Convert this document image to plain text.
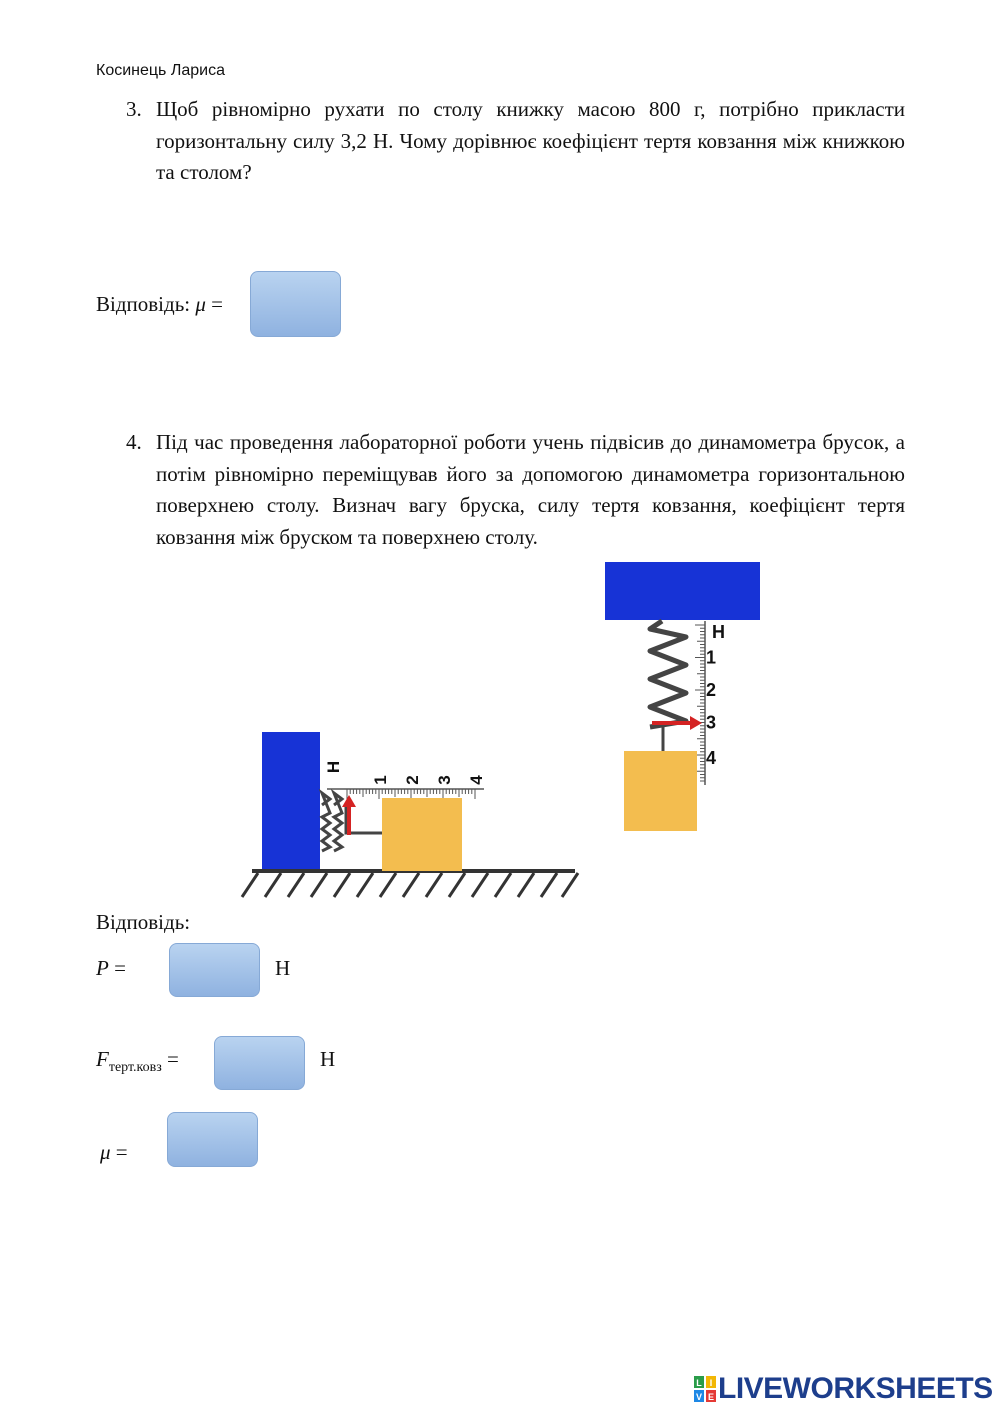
Косинець Лариса
3. Щоб рівномірно рухати по столу книжку масою 800 г, потрібно прикласти горизонтальну силу 3,2 Н. Чому дорівнює коефіцієнт тертя ковзання між книжкою та столом?
Відповідь: μ =
4. Під час проведення лабораторної роботи учень підвісив до динамометра брусок, а потім рівномірно переміщував його за допомогою динамометра горизонтальною поверхнею столу. Визнач вагу бруска, силу тертя ковзання, коефіцієнт тертя ковзання між бруском та поверхнею столу.
Н
1 2 3 4
Н
1
2
3
4
Відповідь:
P =	Н
$F_{терт.ковз}$ =	Н
μ =
L I
V E LIVEWORKSHEETS
